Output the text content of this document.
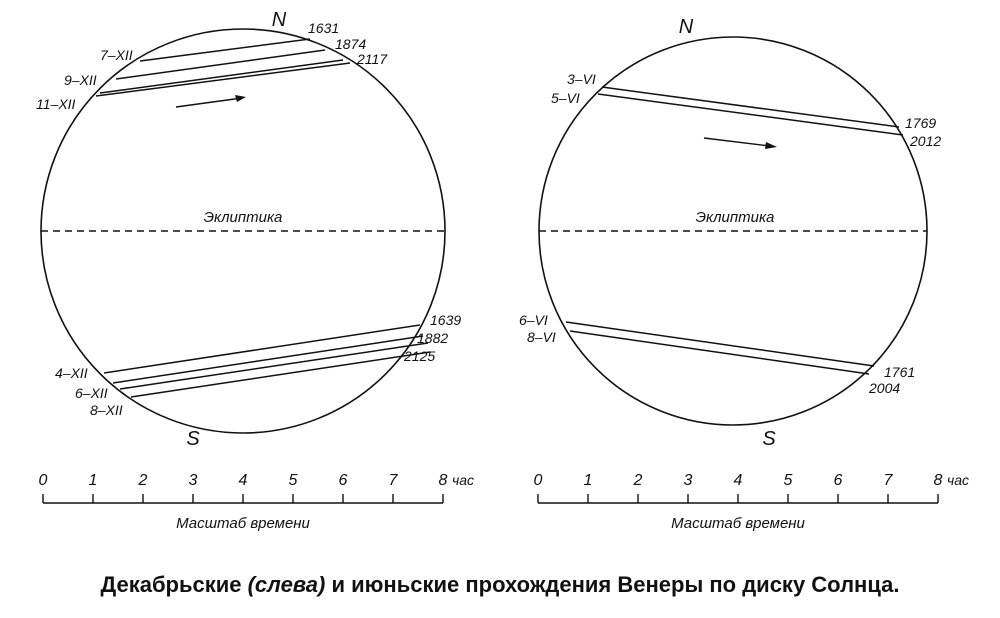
Эклиптика
N
S
7–XII
9–XII
11–XII
1631
1874
2117
1639
1882
2125
4–XII
6–XII
8–XII
Эклиптика
N
S
3–VI
5–VI
1769
2012
6–VI
8–VI
1761
2004
0	1	2	3	4	5	6	7	8 час
Масштаб времени
0	1	2	3	4	5	6	7	8 час
Масштаб времени
Декабрьские (слева) и июньские прохождения Венеры по диску Солнца.
